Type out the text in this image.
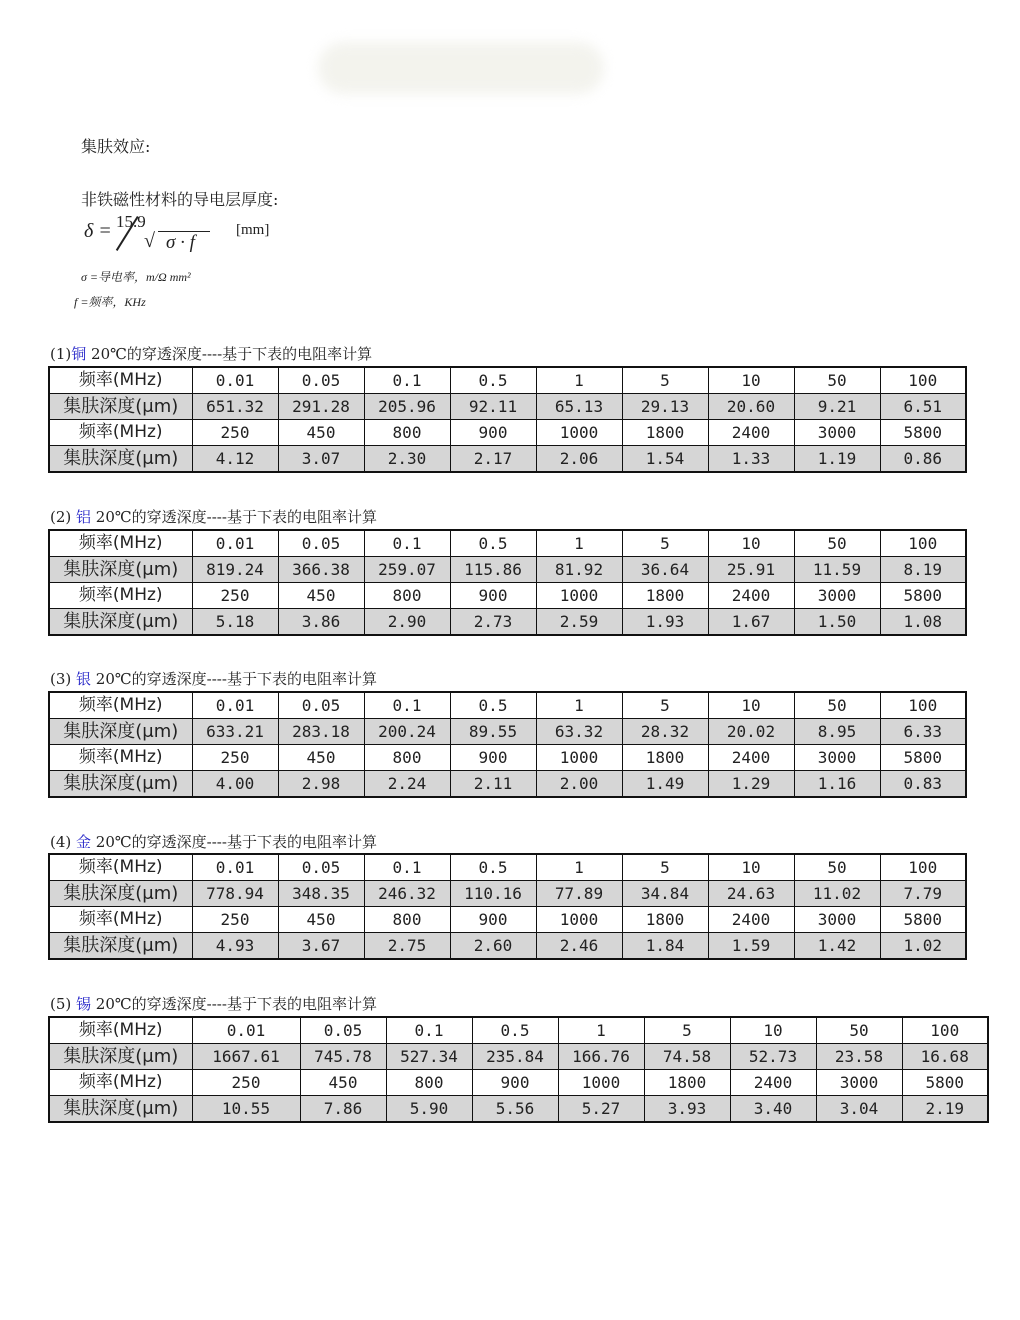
集肤效应:
非铁磁性材料的导电层厚度:
δ = 15.9
√ σ · f
[mm]
σ =导电率，m/Ω mm²
f =频率，KHz
(1)铜 20℃的穿透深度----基于下表的电阻率计算
频率(MHz)	0.01	0.05	0.1	0.5	1	5	10	50	100
集肤深度(μm)	651.32	291.28	205.96	92.11	65.13	29.13	20.60	9.21	6.51
频率(MHz)	250	450	800	900	1000	1800	2400	3000	5800
集肤深度(μm)	4.12	3.07	2.30	2.17	2.06	1.54	1.33	1.19	0.86
(2) 铝 20℃的穿透深度----基于下表的电阻率计算
频率(MHz)	0.01	0.05	0.1	0.5	1	5	10	50	100
集肤深度(μm)	819.24	366.38	259.07	115.86	81.92	36.64	25.91	11.59	8.19
频率(MHz)	250	450	800	900	1000	1800	2400	3000	5800
集肤深度(μm)	5.18	3.86	2.90	2.73	2.59	1.93	1.67	1.50	1.08
(3) 银 20℃的穿透深度----基于下表的电阻率计算
频率(MHz)	0.01	0.05	0.1	0.5	1	5	10	50	100
集肤深度(μm)	633.21	283.18	200.24	89.55	63.32	28.32	20.02	8.95	6.33
频率(MHz)	250	450	800	900	1000	1800	2400	3000	5800
集肤深度(μm)	4.00	2.98	2.24	2.11	2.00	1.49	1.29	1.16	0.83
(4) 金 20℃的穿透深度----基于下表的电阻率计算
频率(MHz)	0.01	0.05	0.1	0.5	1	5	10	50	100
集肤深度(μm)	778.94	348.35	246.32	110.16	77.89	34.84	24.63	11.02	7.79
频率(MHz)	250	450	800	900	1000	1800	2400	3000	5800
集肤深度(μm)	4.93	3.67	2.75	2.60	2.46	1.84	1.59	1.42	1.02
(5) 锡 20℃的穿透深度----基于下表的电阻率计算
频率(MHz)	0.01	0.05	0.1	0.5	1	5	10	50	100
集肤深度(μm)	1667.61	745.78	527.34	235.84	166.76	74.58	52.73	23.58	16.68
频率(MHz)	250	450	800	900	1000	1800	2400	3000	5800
集肤深度(μm)	10.55	7.86	5.90	5.56	5.27	3.93	3.40	3.04	2.19
